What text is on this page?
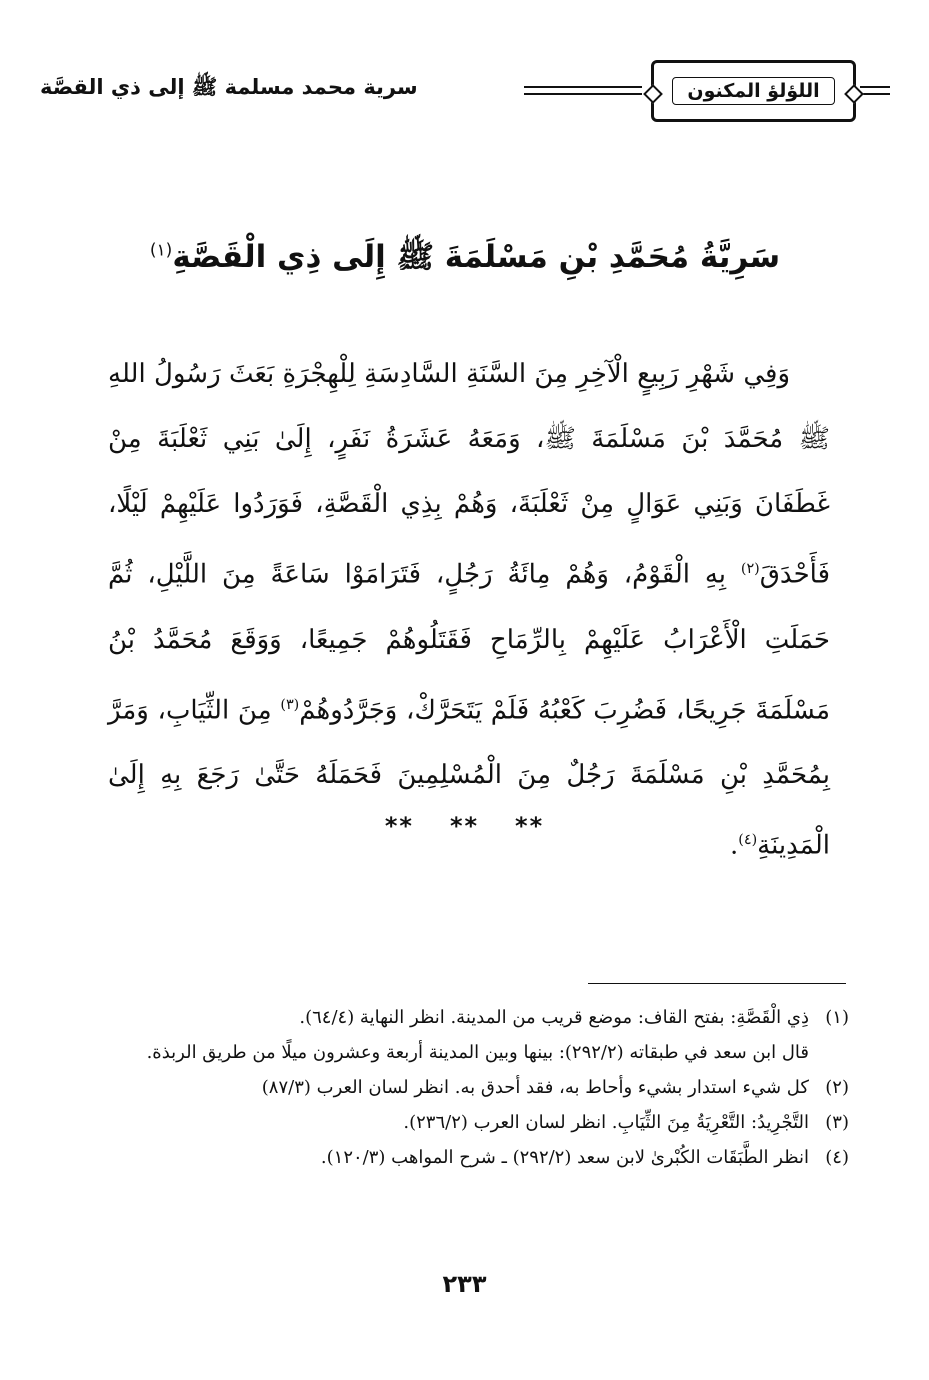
اللؤلؤ المكنون
سرية محمد مسلمة ﷺ إلى ذي القصَّة
سَرِيَّةُ مُحَمَّدِ بْنِ مَسْلَمَةَ ﷺ إِلَى ذِي الْقَصَّةِ$^{(١)}$

وَفِي شَهْرِ رَبِيعٍ الْآخِرِ مِنَ السَّنَةِ السَّادِسَةِ لِلْهِجْرَةِ بَعَثَ رَسُولُ اللهِ ﷺ مُحَمَّدَ بْنَ مَسْلَمَةَ ﷺ، وَمَعَهُ عَشَرَةُ نَفَرٍ، إِلَىٰ بَنِي ثَعْلَبَةَ مِنْ غَطَفَانَ وَبَنِي عَوَالٍ مِنْ ثَعْلَبَةَ، وَهُمْ بِذِي الْقَصَّةِ، فَوَرَدُوا عَلَيْهِمْ لَيْلًا، فَأَحْدَقَ$^{(٢)}$ بِهِ الْقَوْمُ، وَهُمْ مِائَةُ رَجُلٍ، فَتَرَامَوْا سَاعَةً مِنَ اللَّيْلِ، ثُمَّ حَمَلَتِ الْأَعْرَابُ عَلَيْهِمْ بِالرِّمَاحِ فَقَتَلُوهُمْ جَمِيعًا، وَوَقَعَ مُحَمَّدُ بْنُ مَسْلَمَةَ جَرِيحًا، فَضُرِبَ كَعْبُهُ فَلَمْ يَتَحَرَّكْ، وَجَرَّدُوهُمْ$^{(٣)}$ مِنَ الثِّيَابِ، وَمَرَّ بِمُحَمَّدِ بْنِ مَسْلَمَةَ رَجُلٌ مِنَ الْمُسْلِمِينَ فَحَمَلَهُ حَتَّىٰ رَجَعَ بِهِ إِلَىٰ الْمَدِينَةِ$^{(٤)}$.

** ** **
(١)
ذِي الْقَصَّةِ: بفتح القاف: موضع قريب من المدينة. انظر النهاية (٦٤/٤).
قال ابن سعد في طبقاته (٢٩٢/٢): بينها وبين المدينة أربعة وعشرون ميلًا من طريق الربذة.
(٢)
كل شيء استدار بشيء وأحاط به، فقد أحدق به. انظر لسان العرب (٨٧/٣)
(٣)
التَّجْرِيدُ: التَّعْرِيَةُ مِنَ الثِّيَابِ. انظر لسان العرب (٢٣٦/٢).
(٤)
انظر الطَّبَقَات الكُبْرىٰ لابن سعد (٢٩٢/٢) ـ شرح المواهب (١٢٠/٣).
٢٣٣
